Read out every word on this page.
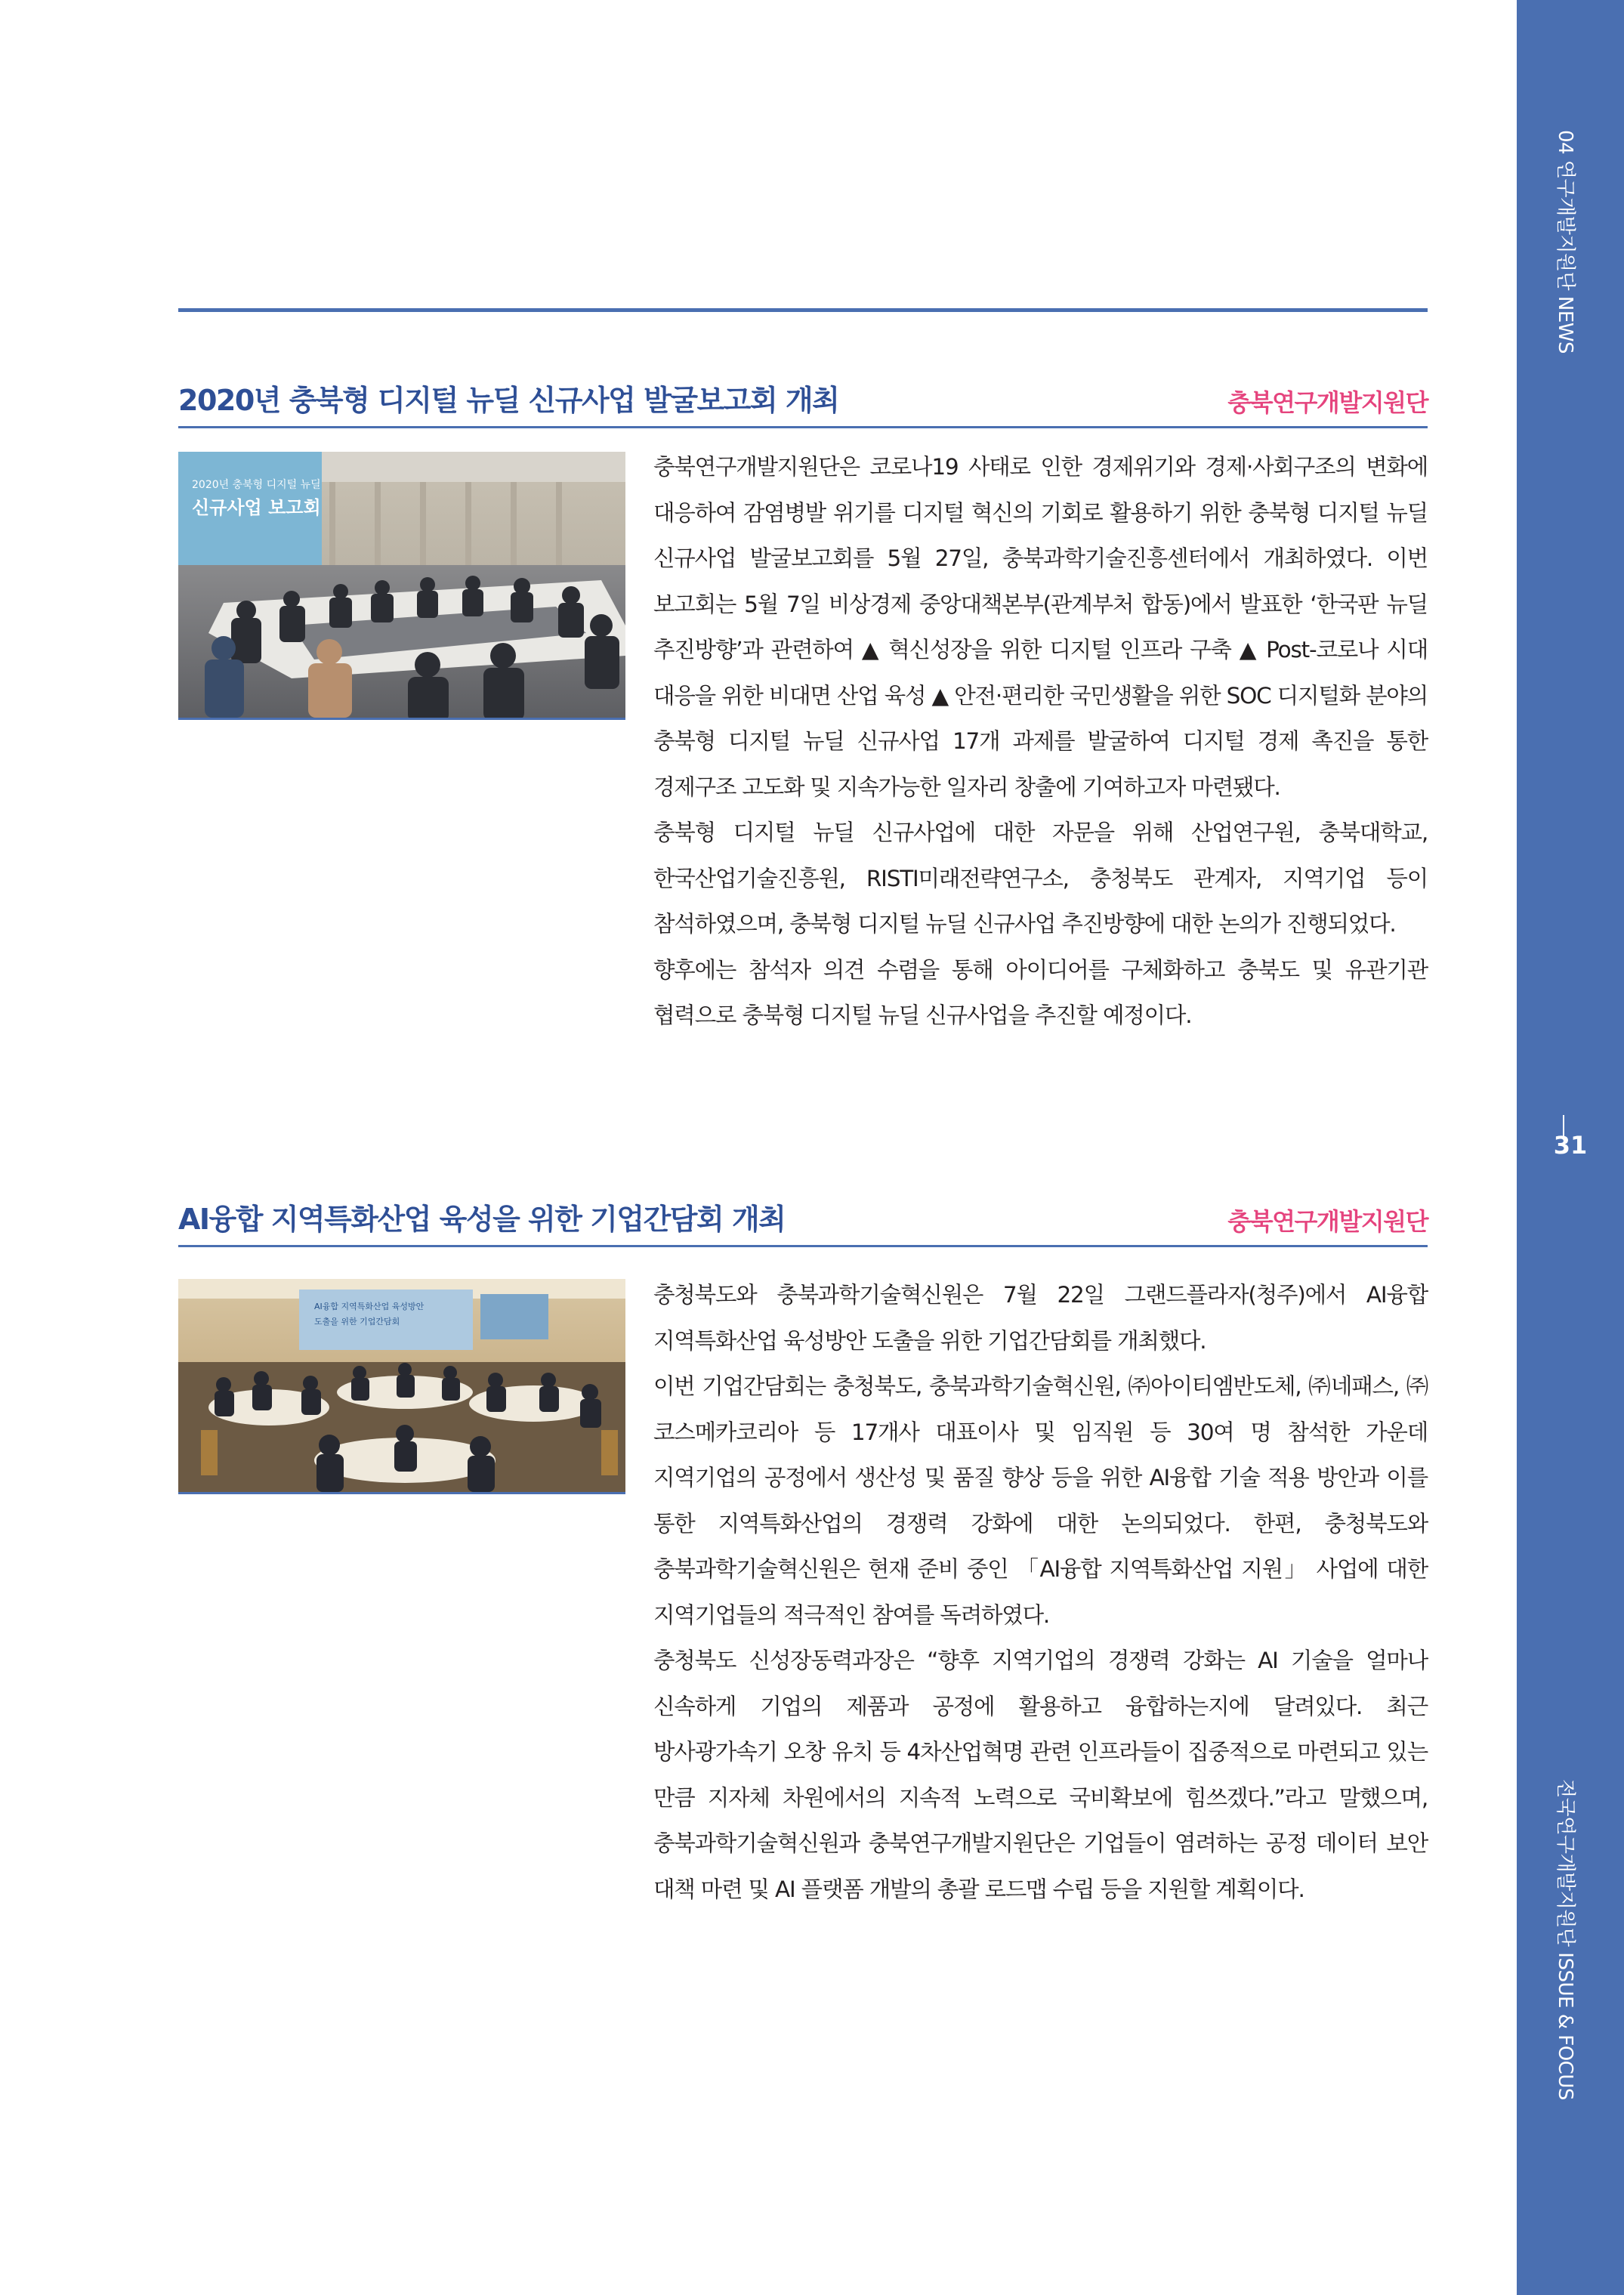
04 연구개발지원단 NEWS
31
전국연구개발지원단 ISSUE & FOCUS
2020년 충북형 디지털 뉴딜 신규사업 발굴보고회 개최	충북연구개발지원단
2020년 충북형 디지털 뉴딜
신규사업 보고회

충북연구개발지원단은 코로나19 사태로 인한 경제위기와 경제·사회구조의 변화에 대응하여 감염병발 위기를 디지털 혁신의 기회로 활용하기 위한 충북형 디지털 뉴딜 신규사업 발굴보고회를 5월 27일, 충북과학기술진흥센터에서 개최하였다. 이번 보고회는 5월 7일 비상경제 중앙대책본부(관계부처 합동)에서 발표한 ‘한국판 뉴딜 추진방향’과 관련하여 ▲ 혁신성장을 위한 디지털 인프라 구축 ▲ Post-코로나 시대 대응을 위한 비대면 산업 육성 ▲ 안전·편리한 국민생활을 위한 SOC 디지털화 분야의 충북형 디지털 뉴딜 신규사업 17개 과제를 발굴하여 디지털 경제 촉진을 통한 경제구조 고도화 및 지속가능한 일자리 창출에 기여하고자 마련됐다.

충북형 디지털 뉴딜 신규사업에 대한 자문을 위해 산업연구원, 충북대학교, 한국산업기술진흥원, RISTI미래전략연구소, 충청북도 관계자, 지역기업 등이 참석하였으며, 충북형 디지털 뉴딜 신규사업 추진방향에 대한 논의가 진행되었다.

향후에는 참석자 의견 수렴을 통해 아이디어를 구체화하고 충북도 및 유관기관 협력으로 충북형 디지털 뉴딜 신규사업을 추진할 예정이다.

AI융합 지역특화산업 육성을 위한 기업간담회 개최	충북연구개발지원단
AI융합 지역특화산업 육성방안
도출을 위한 기업간담회

충청북도와 충북과학기술혁신원은 7월 22일 그랜드플라자(청주)에서 AI융합 지역특화산업 육성방안 도출을 위한 기업간담회를 개최했다.

이번 기업간담회는 충청북도, 충북과학기술혁신원, ㈜아이티엠반도체, ㈜네패스, ㈜코스메카코리아 등 17개사 대표이사 및 임직원 등 30여 명 참석한 가운데 지역기업의 공정에서 생산성 및 품질 향상 등을 위한 AI융합 기술 적용 방안과 이를 통한 지역특화산업의 경쟁력 강화에 대한 논의되었다. 한편, 충청북도와 충북과학기술혁신원은 현재 준비 중인 「AI융합 지역특화산업 지원」 사업에 대한 지역기업들의 적극적인 참여를 독려하였다.

충청북도 신성장동력과장은 “향후 지역기업의 경쟁력 강화는 AI 기술을 얼마나 신속하게 기업의 제품과 공정에 활용하고 융합하는지에 달려있다. 최근 방사광가속기 오창 유치 등 4차산업혁명 관련 인프라들이 집중적으로 마련되고 있는 만큼 지자체 차원에서의 지속적 노력으로 국비확보에 힘쓰겠다.”라고 말했으며, 충북과학기술혁신원과 충북연구개발지원단은 기업들이 염려하는 공정 데이터 보안 대책 마련 및 AI 플랫폼 개발의 총괄 로드맵 수립 등을 지원할 계획이다.
